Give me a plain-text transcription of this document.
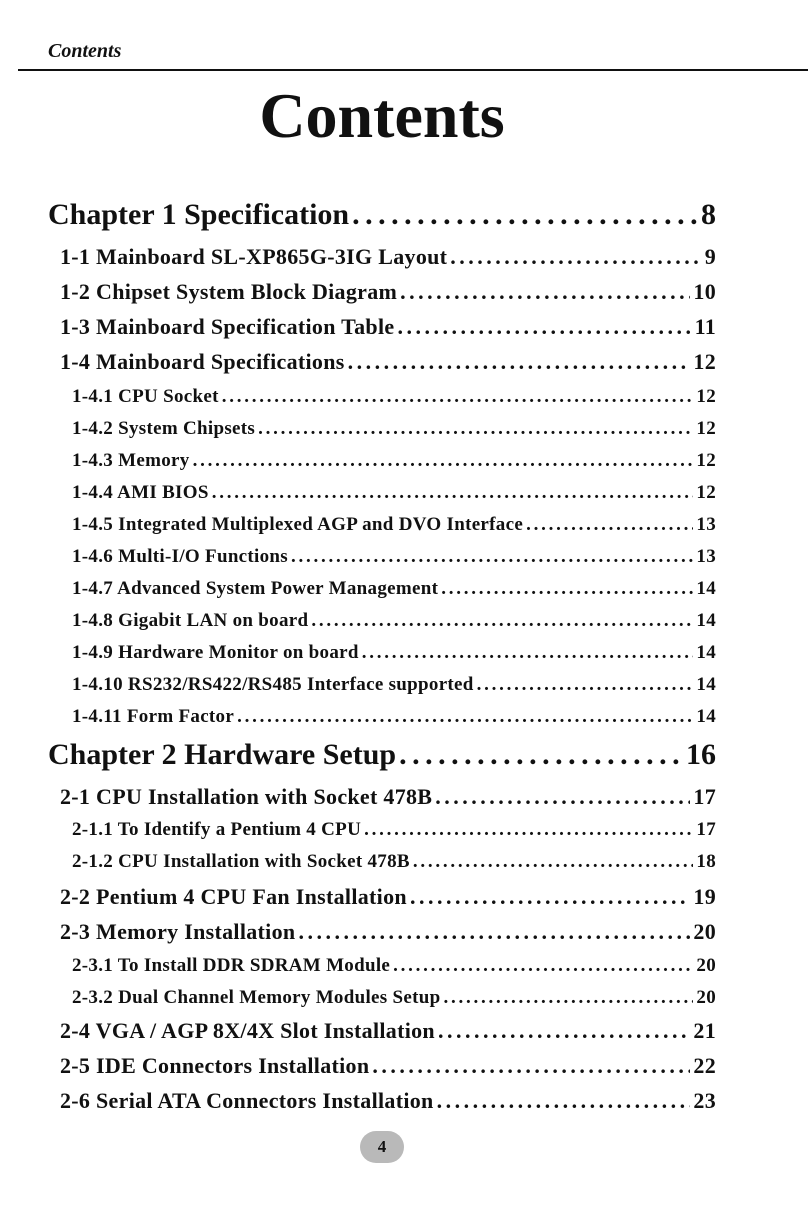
Contents
Contents
Chapter 1 Specification . . .	8
1-1 Mainboard SL-XP865G-3IG Layout . . .	9
1-2 Chipset System Block Diagram . . .	10
1-3 Mainboard Specification Table . . .	11
1-4 Mainboard Specifications . . .	12
1-4.1 CPU Socket . . .	12
1-4.2 System Chipsets . . .	12
1-4.3 Memory . . .	12
1-4.4 AMI BIOS . . .	12
1-4.5 Integrated Multiplexed AGP and DVO Interface . . .	13
1-4.6 Multi-I/O Functions . . .	13
1-4.7 Advanced System Power Management . . .	14
1-4.8 Gigabit LAN on board . . .	14
1-4.9 Hardware Monitor on board . . .	14
1-4.10 RS232/RS422/RS485 Interface supported . . .	14
1-4.11 Form Factor . . .	14
Chapter 2 Hardware Setup . . .	16
2-1 CPU Installation with Socket 478B . . .	17
2-1.1 To Identify a Pentium 4 CPU . . .	17
2-1.2 CPU Installation with Socket 478B . . .	18
2-2 Pentium 4 CPU Fan Installation . . .	19
2-3 Memory Installation . . .	20
2-3.1 To Install DDR SDRAM Module . . .	20
2-3.2 Dual Channel Memory Modules Setup . . .	20
2-4 VGA / AGP 8X/4X Slot Installation . . .	21
2-5 IDE Connectors Installation . . .	22
2-6 Serial ATA Connectors Installation . . .	23
4
